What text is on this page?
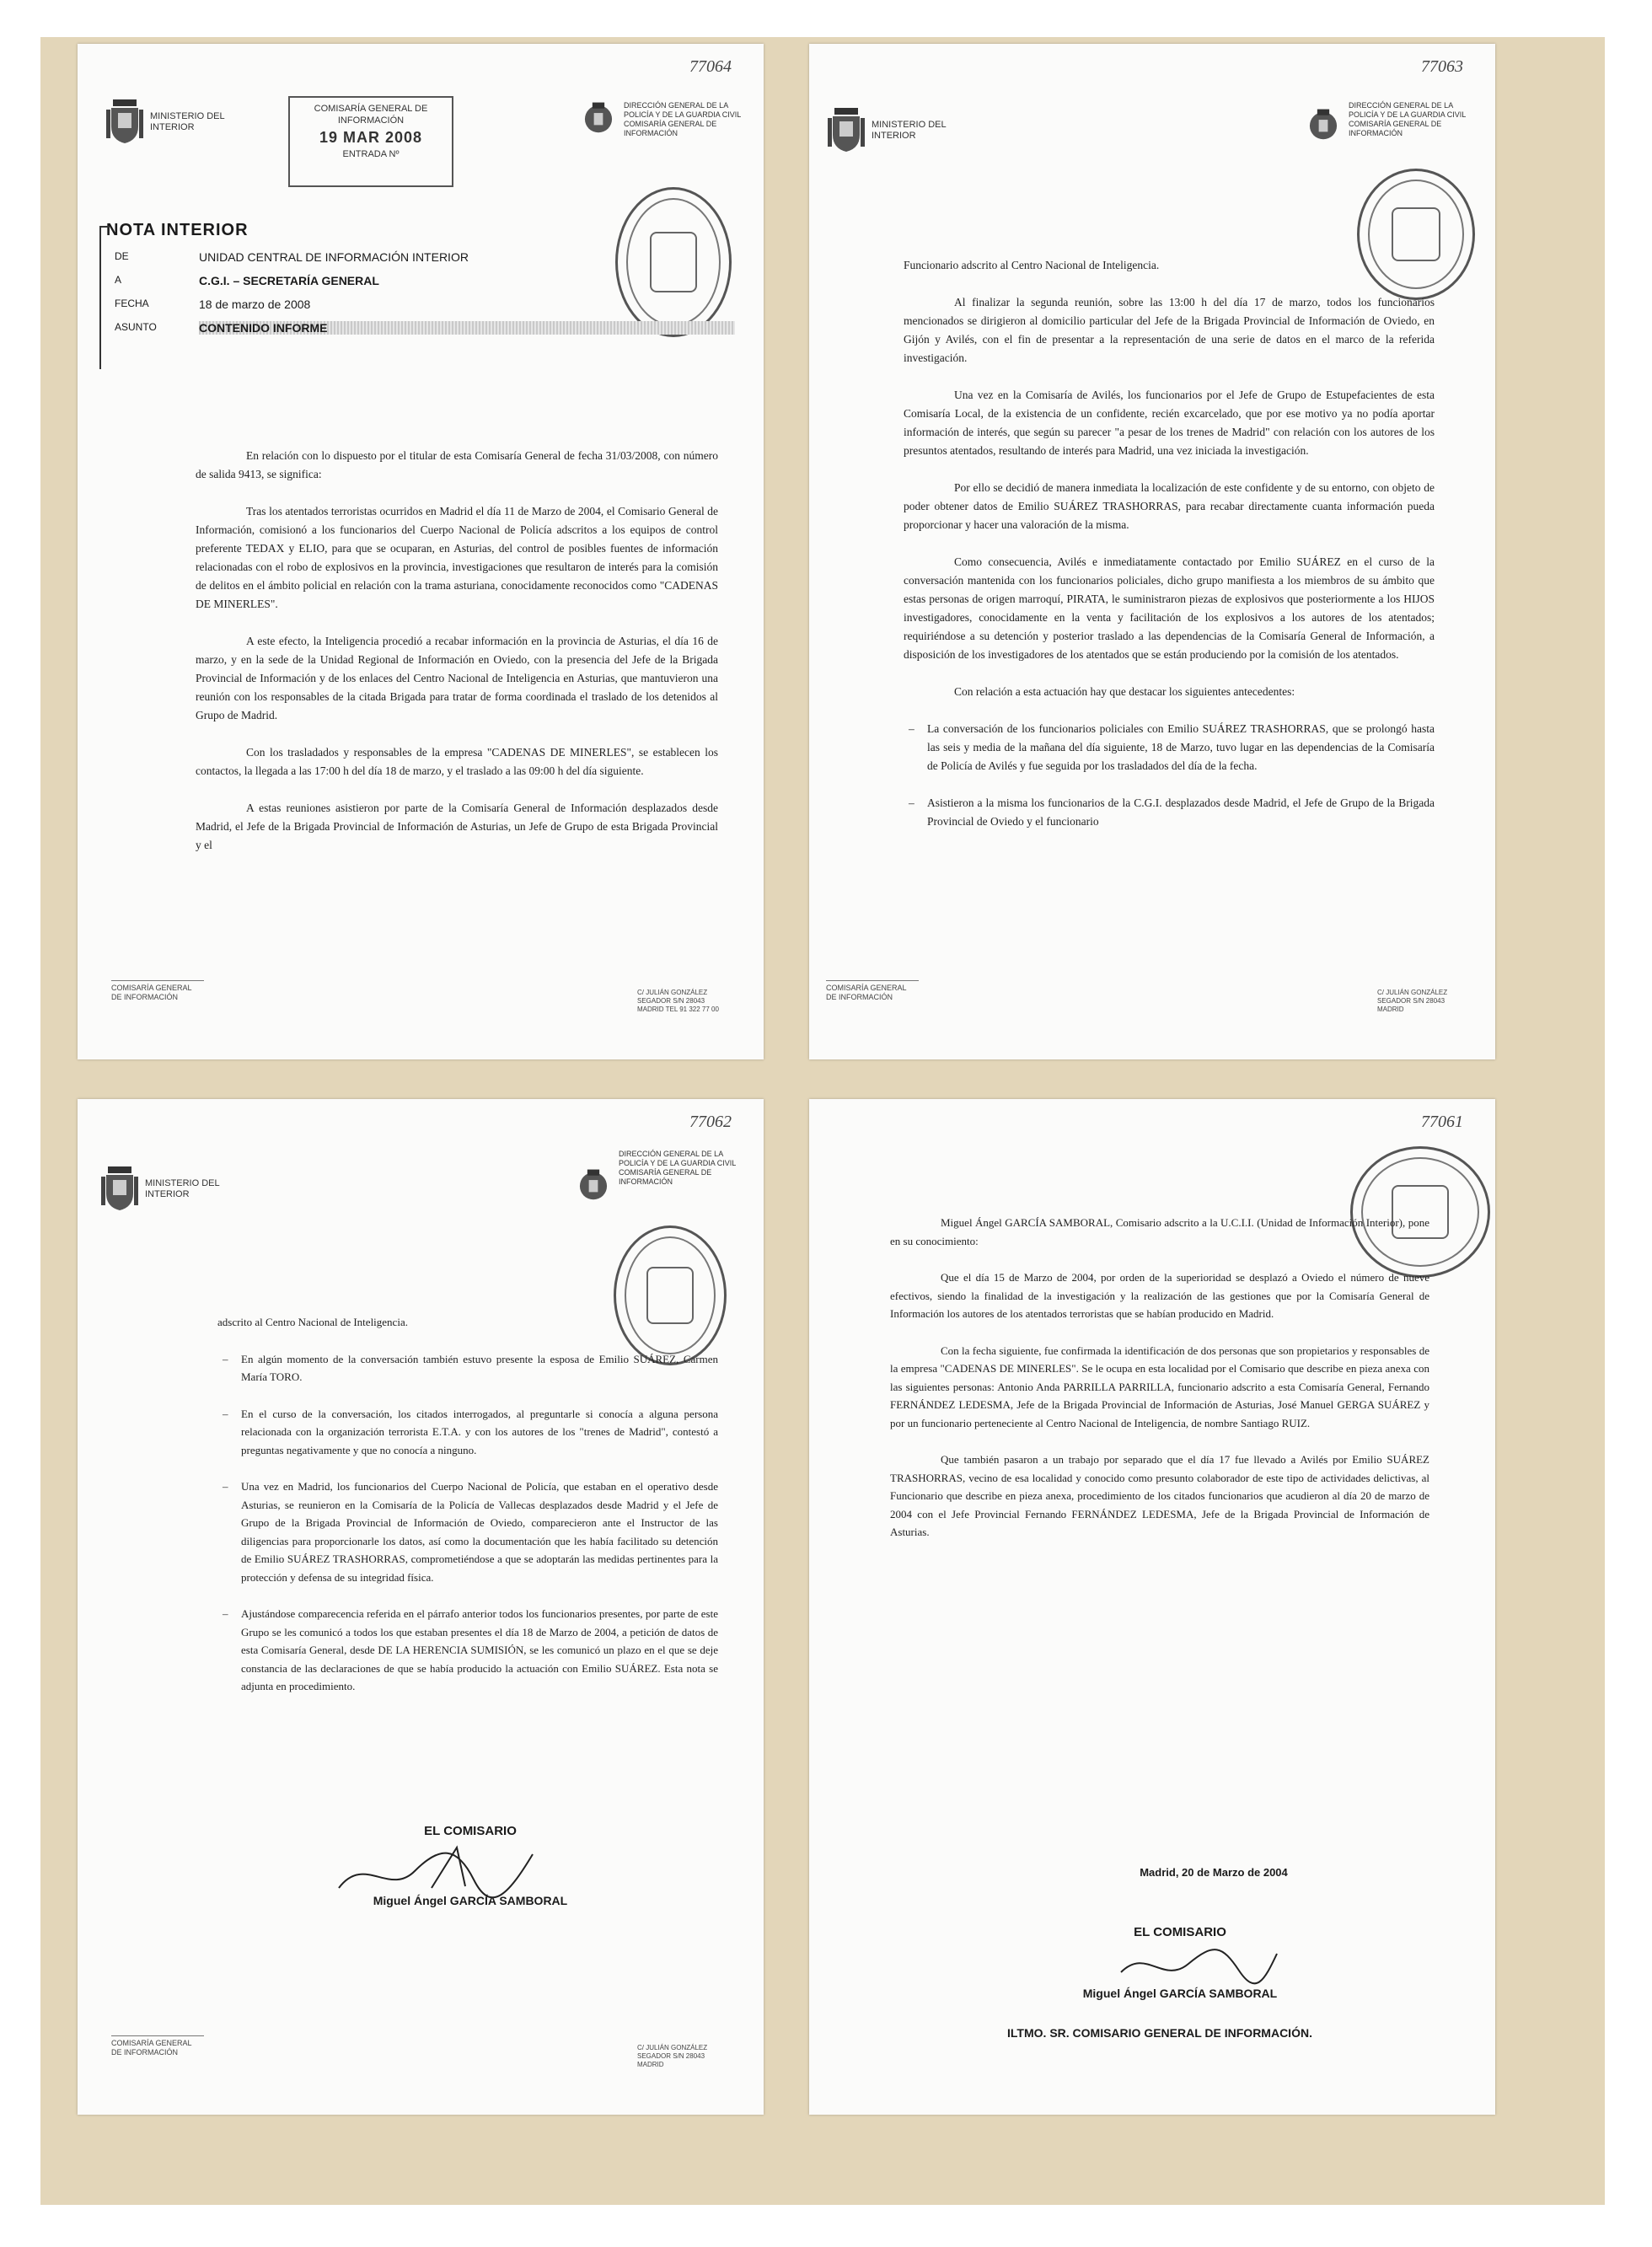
77064
MINISTERIO DEL INTERIOR
COMISARÍA GENERAL DE
INFORMACIÓN
19 MAR 2008
ENTRADA Nº
DIRECCIÓN GENERAL DE LA POLICÍA Y DE LA GUARDIA CIVIL COMISARÍA GENERAL DE INFORMACIÓN
NOTA INTERIOR
DE	UNIDAD CENTRAL DE INFORMACIÓN INTERIOR
A	C.G.I. – SECRETARÍA GENERAL
FECHA	18 de marzo de 2008
ASUNTO	CONTENIDO INFORME

En relación con lo dispuesto por el titular de esta Comisaría General de fecha 31/03/2008, con número de salida 9413, se significa:

Tras los atentados terroristas ocurridos en Madrid el día 11 de Marzo de 2004, el Comisario General de Información, comisionó a los funcionarios del Cuerpo Nacional de Policía adscritos a los equipos de control preferente TEDAX y ELIO, para que se ocuparan, en Asturias, del control de posibles fuentes de información relacionadas con el robo de explosivos en la provincia, investigaciones que resultaron de interés para la comisión de delitos en el ámbito policial en relación con la trama asturiana, conocidamente reconocidos como "CADENAS DE MINERLES".

A este efecto, la Inteligencia procedió a recabar información en la provincia de Asturias, el día 16 de marzo, y en la sede de la Unidad Regional de Información en Oviedo, con la presencia del Jefe de la Brigada Provincial de Información y de los enlaces del Centro Nacional de Inteligencia en Asturias, que mantuvieron una reunión con los responsables de la citada Brigada para tratar de forma coordinada el traslado de los detenidos al Grupo de Madrid.

Con los trasladados y responsables de la empresa "CADENAS DE MINERLES", se establecen los contactos, la llegada a las 17:00 h del día 18 de marzo, y el traslado a las 09:00 h del día siguiente.

A estas reuniones asistieron por parte de la Comisaría General de Información desplazados desde Madrid, el Jefe de la Brigada Provincial de Información de Asturias, un Jefe de Grupo de esta Brigada Provincial y el

COMISARÍA GENERAL DE INFORMACIÓN
C/ JULIÁN GONZÁLEZ SEGADOR S/N 28043 MADRID TEL 91 322 77 00
77063
MINISTERIO DEL INTERIOR
DIRECCIÓN GENERAL DE LA POLICÍA Y DE LA GUARDIA CIVIL COMISARÍA GENERAL DE INFORMACIÓN

Funcionario adscrito al Centro Nacional de Inteligencia.

Al finalizar la segunda reunión, sobre las 13:00 h del día 17 de marzo, todos los funcionarios mencionados se dirigieron al domicilio particular del Jefe de la Brigada Provincial de Información de Oviedo, en Gijón y Avilés, con el fin de presentar a la representación de una serie de datos en el marco de la referida investigación.

Una vez en la Comisaría de Avilés, los funcionarios por el Jefe de Grupo de Estupefacientes de esta Comisaría Local, de la existencia de un confidente, recién excarcelado, que por ese motivo ya no podía aportar información de interés, que según su parecer "a pesar de los trenes de Madrid" con relación con los autores de los presuntos atentados, resultando de interés para Madrid, una vez iniciada la investigación.

Por ello se decidió de manera inmediata la localización de este confidente y de su entorno, con objeto de poder obtener datos de Emilio SUÁREZ TRASHORRAS, para recabar directamente cuanta información pueda proporcionar y hacer una valoración de la misma.

Como consecuencia, Avilés e inmediatamente contactado por Emilio SUÁREZ en el curso de la conversación mantenida con los funcionarios policiales, dicho grupo manifiesta a los miembros de su ámbito que estas personas de origen marroquí, PIRATA, le suministraron piezas de explosivos que posteriormente a los HIJOS investigadores, conocidamente en la venta y facilitación de los explosivos a los autores de los atentados; requiriéndose a su detención y posterior traslado a las dependencias de la Comisaría General de Información, a disposición de los investigadores de los atentados que se están produciendo por la comisión de los atentados.

Con relación a esta actuación hay que destacar los siguientes antecedentes:

– La conversación de los funcionarios policiales con Emilio SUÁREZ TRASHORRAS, que se prolongó hasta las seis y media de la mañana del día siguiente, 18 de Marzo, tuvo lugar en las dependencias de la Comisaría de Policía de Avilés y fue seguida por los trasladados del día de la fecha.

– Asistieron a la misma los funcionarios de la C.G.I. desplazados desde Madrid, el Jefe de Grupo de la Brigada Provincial de Oviedo y el funcionario

COMISARÍA GENERAL DE INFORMACIÓN
C/ JULIÁN GONZÁLEZ SEGADOR S/N 28043 MADRID
77062
MINISTERIO DEL INTERIOR
DIRECCIÓN GENERAL DE LA POLICÍA Y DE LA GUARDIA CIVIL COMISARÍA GENERAL DE INFORMACIÓN

adscrito al Centro Nacional de Inteligencia.

– En algún momento de la conversación también estuvo presente la esposa de Emilio SUÁREZ, Carmen María TORO.

– En el curso de la conversación, los citados interrogados, al preguntarle si conocía a alguna persona relacionada con la organización terrorista E.T.A. y con los autores de los "trenes de Madrid", contestó a preguntas negativamente y que no conocía a ninguno.

– Una vez en Madrid, los funcionarios del Cuerpo Nacional de Policía, que estaban en el operativo desde Asturias, se reunieron en la Comisaría de la Policía de Vallecas desplazados desde Madrid y el Jefe de Grupo de la Brigada Provincial de Información de Oviedo, comparecieron ante el Instructor de las diligencias para proporcionarle los datos, así como la documentación que les había facilitado su detención de Emilio SUÁREZ TRASHORRAS, comprometiéndose a que se adoptarán las medidas pertinentes para la protección y defensa de su integridad física.

– Ajustándose comparecencia referida en el párrafo anterior todos los funcionarios presentes, por parte de este Grupo se les comunicó a todos los que estaban presentes el día 18 de Marzo de 2004, a petición de datos de esta Comisaría General, desde DE LA HERENCIA SUMISIÓN, se les comunicó un plazo en el que se deje constancia de las declaraciones de que se había producido la actuación con Emilio SUÁREZ. Esta nota se adjunta en procedimiento.

EL COMISARIO
Miguel Ángel GARCÍA SAMBORAL
COMISARÍA GENERAL DE INFORMACIÓN
C/ JULIÁN GONZÁLEZ SEGADOR S/N 28043 MADRID
77061

Miguel Ángel GARCÍA SAMBORAL, Comisario adscrito a la U.C.I.I. (Unidad de Información Interior), pone en su conocimiento:

Que el día 15 de Marzo de 2004, por orden de la superioridad se desplazó a Oviedo el número de nueve efectivos, siendo la finalidad de la investigación y la realización de las gestiones que por la Comisaría General de Información los autores de los atentados terroristas que se habían producido en Madrid.

Con la fecha siguiente, fue confirmada la identificación de dos personas que son propietarios y responsables de la empresa "CADENAS DE MINERLES". Se le ocupa en esta localidad por el Comisario que describe en pieza anexa con las siguientes personas: Antonio Anda PARRILLA PARRILLA, funcionario adscrito a esta Comisaría General, Fernando FERNÁNDEZ LEDESMA, Jefe de la Brigada Provincial de Información de Asturias, José Manuel GERGA SUÁREZ y por un funcionario perteneciente al Centro Nacional de Inteligencia, de nombre Santiago RUIZ.

Que también pasaron a un trabajo por separado que el día 17 fue llevado a Avilés por Emilio SUÁREZ TRASHORRAS, vecino de esa localidad y conocido como presunto colaborador de este tipo de actividades delictivas, al Funcionario que describe en pieza anexa, procedimiento de los citados funcionarios que acudieron al día 20 de marzo de 2004 con el Jefe Provincial Fernando FERNÁNDEZ LEDESMA, Jefe de la Brigada Provincial de Información de Asturias.

Madrid, 20 de Marzo de 2004
EL COMISARIO
Miguel Ángel GARCÍA SAMBORAL
ILTMO. SR. COMISARIO GENERAL DE INFORMACIÓN.
